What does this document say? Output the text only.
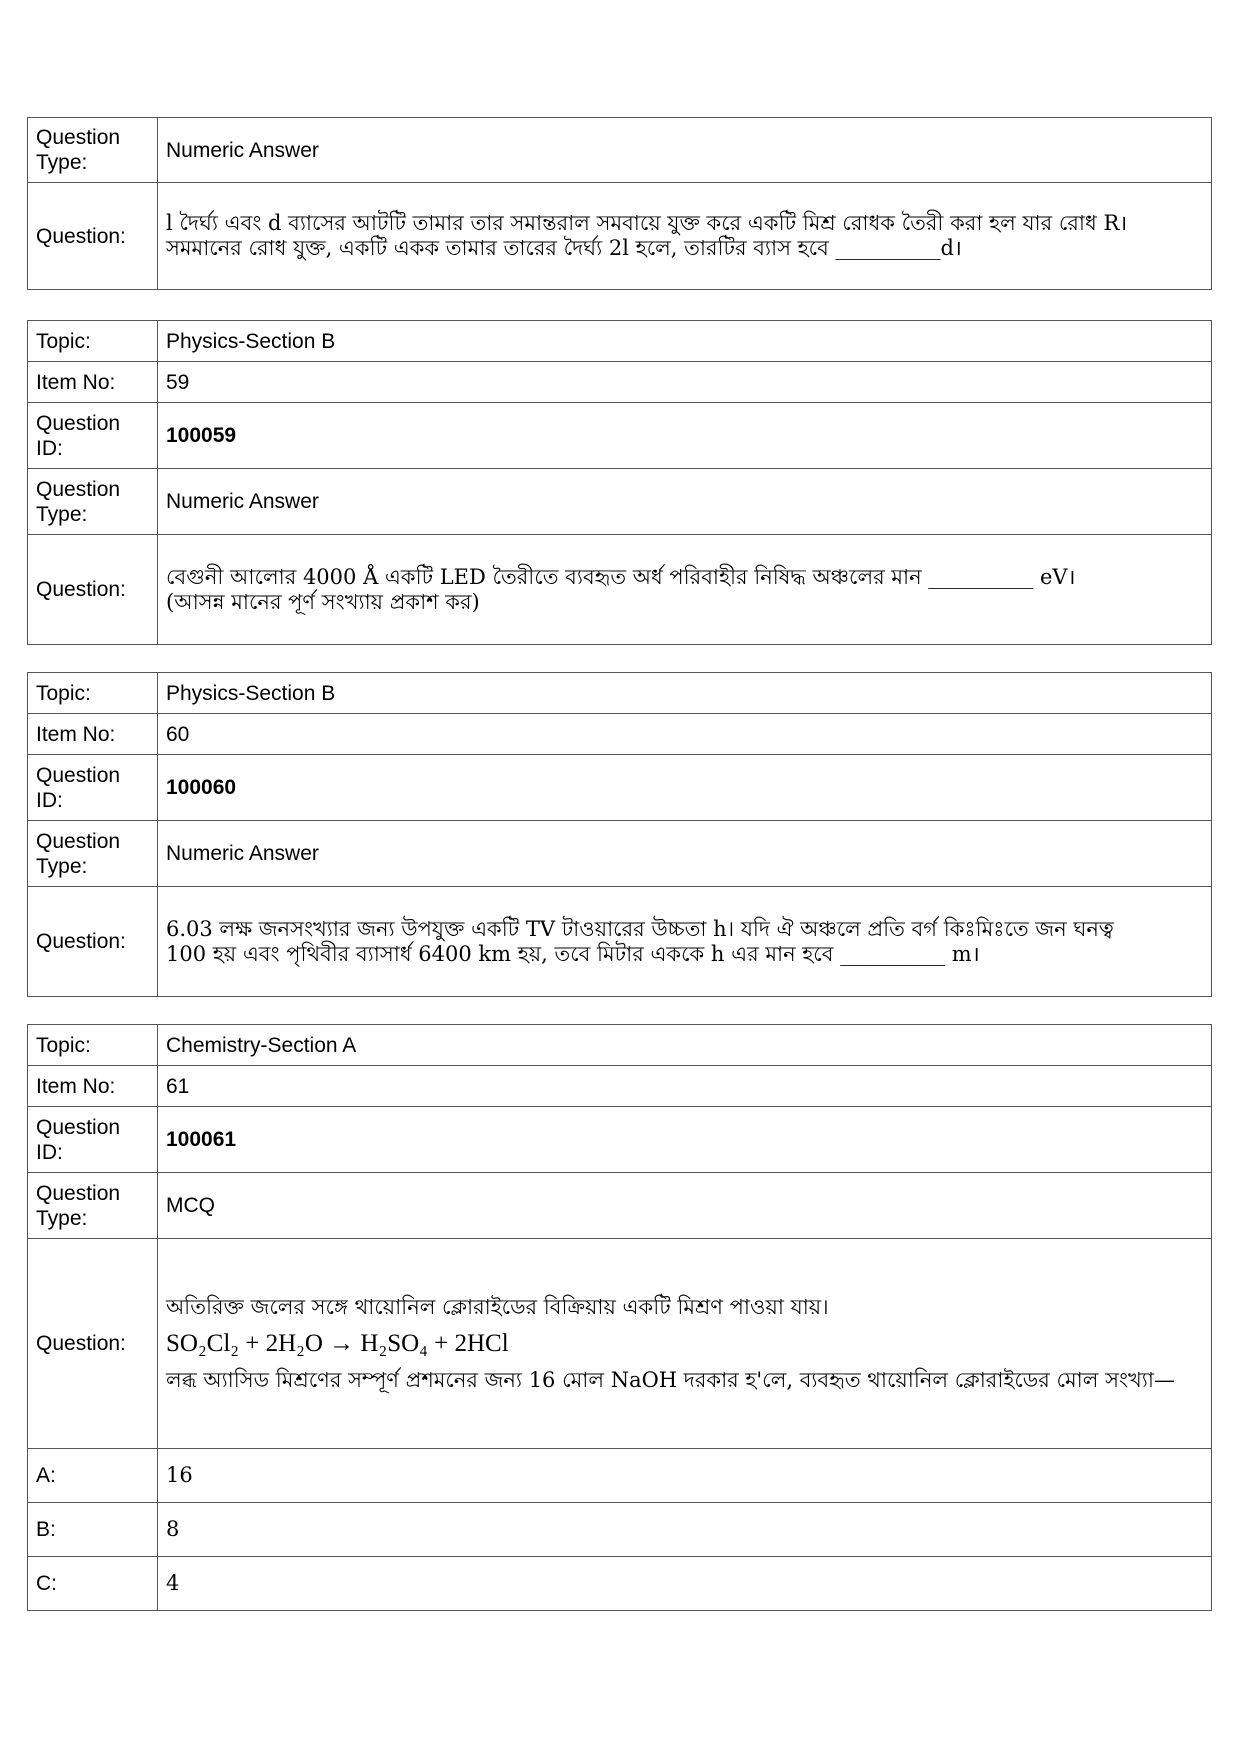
Question Type:	Numeric Answer
Question:	l দৈর্ঘ্য এবং d ব্যাসের আটটি তামার তার সমান্তরাল সমবায়ে যুক্ত করে একটি মিশ্র রোধক তৈরী করা হল যার রোধ R।
সমমানের রোধ যুক্ত, একটি একক তামার তারের দৈর্ঘ্য 2l হলে, তারটির ব্যাস হবে __________d।
Topic:	Physics-Section B
Item No:	59
Question ID:	100059
Question Type:	Numeric Answer
Question:	বেগুনী আলোর 4000 Å একটি LED তৈরীতে ব্যবহৃত অর্ধ পরিবাহীর নিষিদ্ধ অঞ্চলের মান __________ eV।
(আসন্ন মানের পূর্ণ সংখ্যায় প্রকাশ কর)
Topic:	Physics-Section B
Item No:	60
Question ID:	100060
Question Type:	Numeric Answer
Question:	6.03 লক্ষ জনসংখ্যার জন্য উপযুক্ত একটি TV টাওয়ারের উচ্চতা h। যদি ঐ অঞ্চলে প্রতি বর্গ কিঃমিঃতে জন ঘনত্ব
100 হয় এবং পৃথিবীর ব্যাসার্ধ 6400 km হয়, তবে মিটার এককে h এর মান হবে __________ m।
Topic:	Chemistry-Section A
Item No:	61
Question ID:	100061
Question Type:	MCQ
Question:	অতিরিক্ত জলের সঙ্গে থায়োনিল ক্লোরাইডের বিক্রিয়ায় একটি মিশ্রণ পাওয়া যায়।
SO₂Cl₂ + 2H₂O → H₂SO₄ + 2HCl
লব্ধ অ্যাসিড মিশ্রণের সম্পূর্ণ প্রশমনের জন্য 16 মোল NaOH দরকার হ'লে, ব্যবহৃত থায়োনিল ক্লোরাইডের মোল সংখ্যা—

A:	16
B:	8
C:	4
